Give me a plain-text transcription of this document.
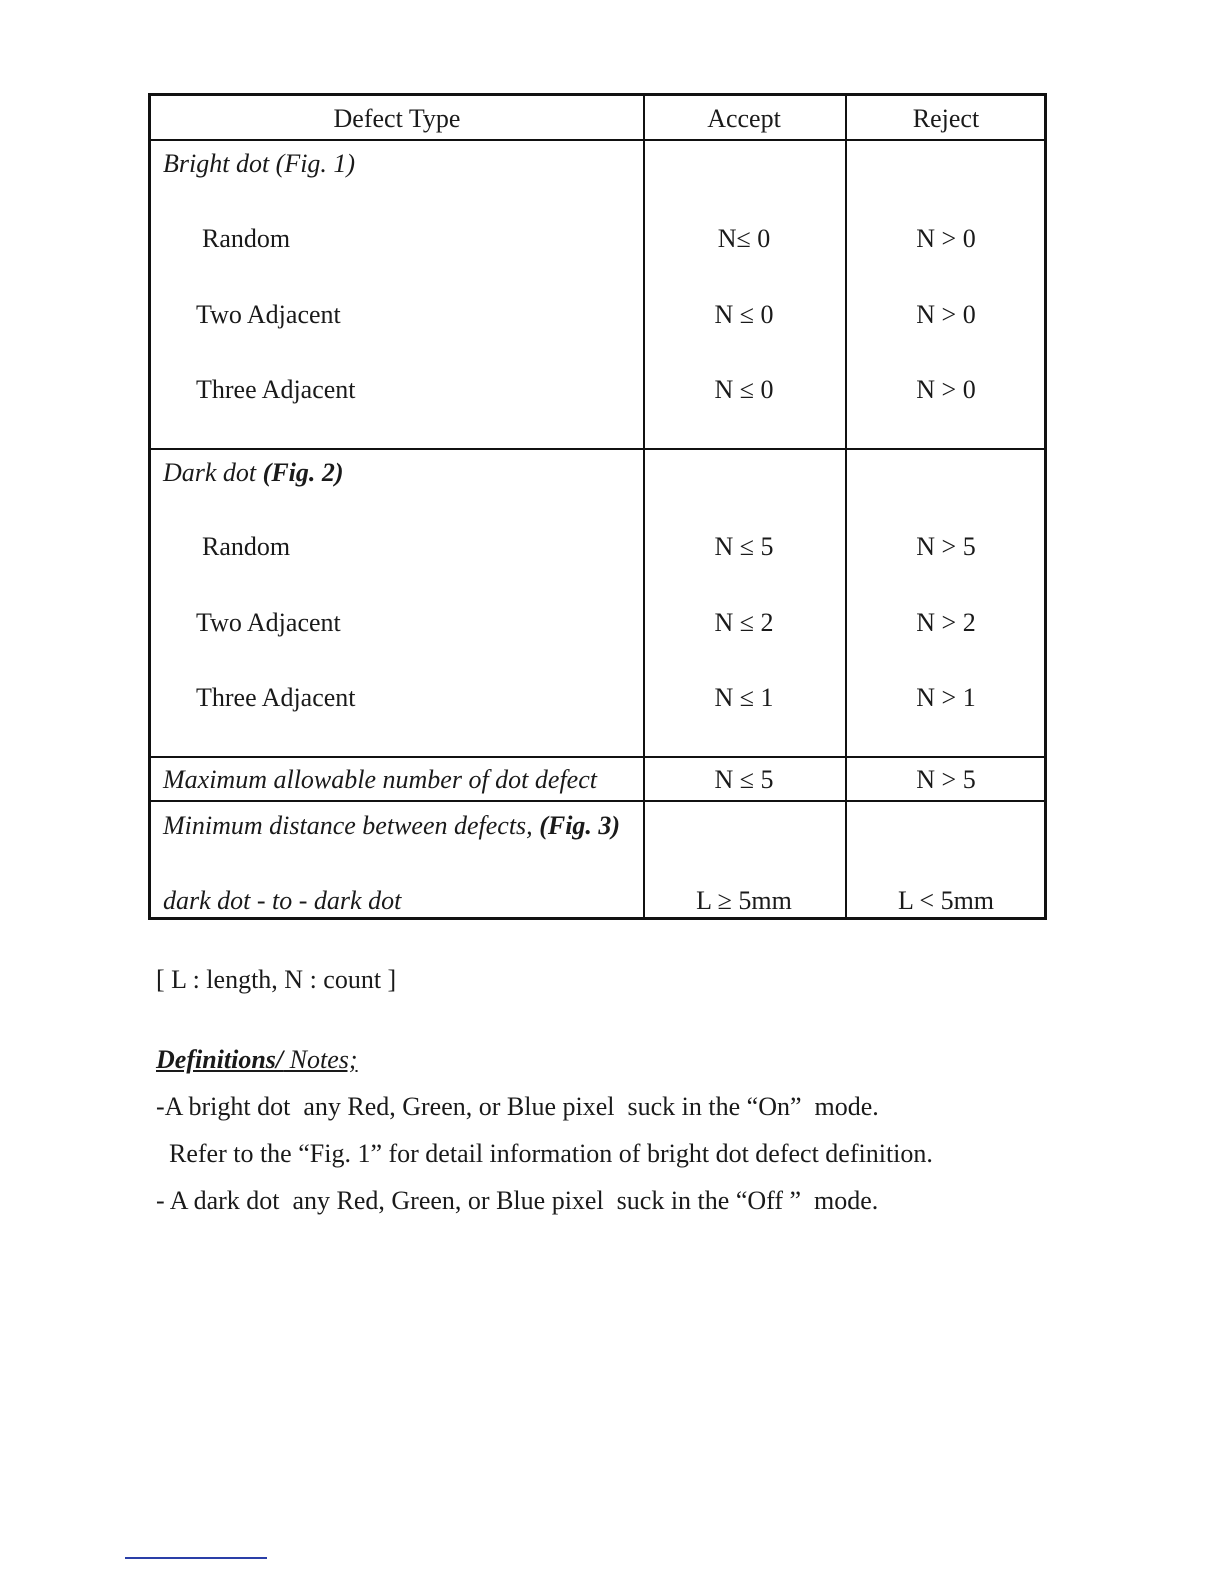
Defect Type	Accept	Reject
Bright dot (Fig. 1)
Random	N≤ 0	N > 0
Two Adjacent	N ≤ 0	N > 0
Three Adjacent	N ≤ 0	N > 0
Dark dot (Fig. 2)
Random	N ≤ 5	N > 5
Two Adjacent	N ≤ 2	N > 2
Three Adjacent	N ≤ 1	N > 1
Maximum allowable number of dot defect	N ≤ 5	N > 5
Minimum distance between defects, (Fig. 3)
dark dot - to - dark dot	L ≥ 5mm	L < 5mm
[ L : length, N : count ]
Definitions/ Notes;
-A bright dot  any Red, Green, or Blue pixel  suck in the “On”  mode.
Refer to the “Fig. 1” for detail information of bright dot defect definition.
- A dark dot  any Red, Green, or Blue pixel  suck in the “Off ”  mode.
